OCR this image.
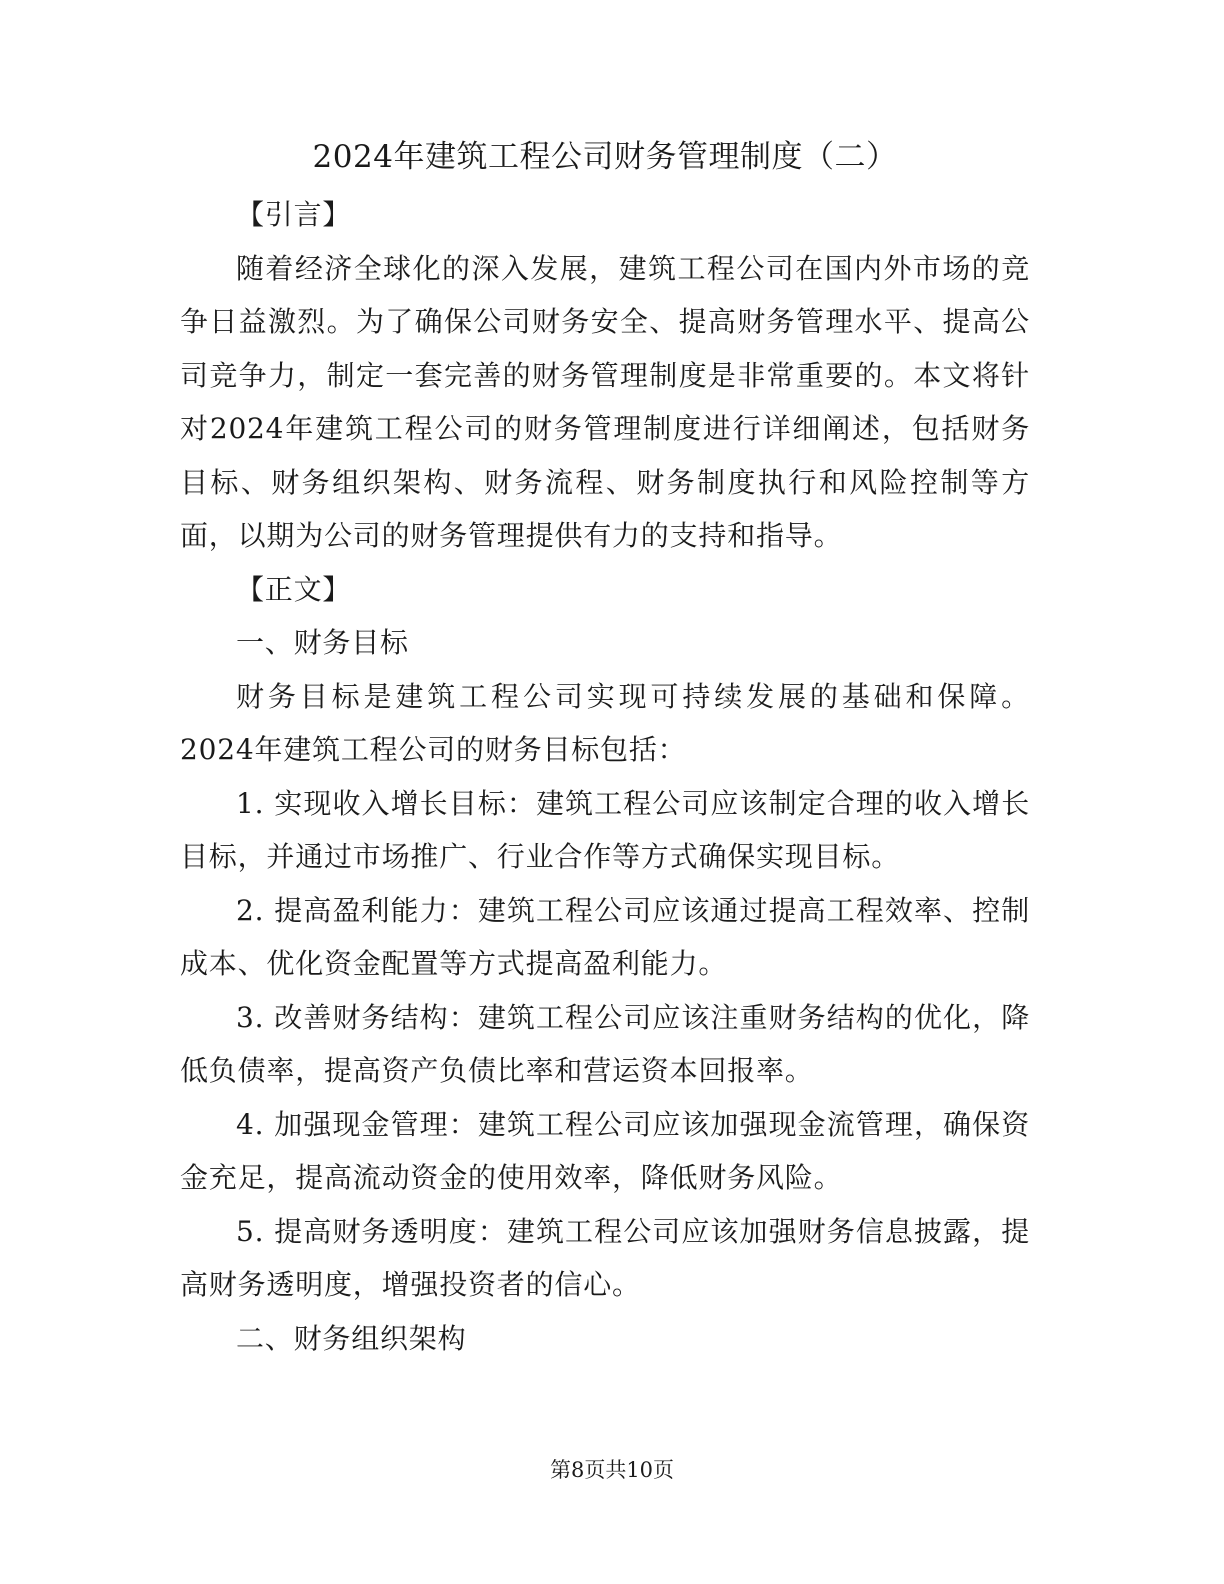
2024年建筑工程公司财务管理制度（二）

【引言】

随着经济全球化的深入发展，建筑工程公司在国内外市场的竞争日益激烈。为了确保公司财务安全、提高财务管理水平、提高公司竞争力，制定一套完善的财务管理制度是非常重要的。本文将针对2024年建筑工程公司的财务管理制度进行详细阐述，包括财务目标、财务组织架构、财务流程、财务制度执行和风险控制等方面，以期为公司的财务管理提供有力的支持和指导。

【正文】

一、财务目标

财务目标是建筑工程公司实现可持续发展的基础和保障。2024年建筑工程公司的财务目标包括：

1. 实现收入增长目标：建筑工程公司应该制定合理的收入增长目标，并通过市场推广、行业合作等方式确保实现目标。

2. 提高盈利能力：建筑工程公司应该通过提高工程效率、控制成本、优化资金配置等方式提高盈利能力。

3. 改善财务结构：建筑工程公司应该注重财务结构的优化，降低负债率，提高资产负债比率和营运资本回报率。

4. 加强现金管理：建筑工程公司应该加强现金流管理，确保资金充足，提高流动资金的使用效率，降低财务风险。

5. 提高财务透明度：建筑工程公司应该加强财务信息披露，提高财务透明度，增强投资者的信心。

二、财务组织架构

第8页共10页
